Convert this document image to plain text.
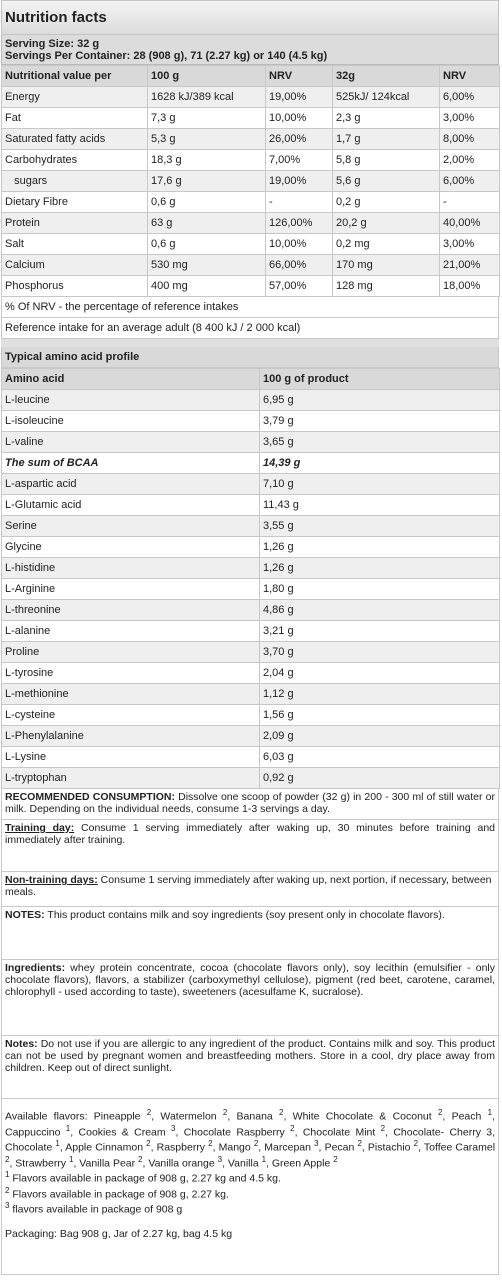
Nutrition facts
Serving Size: 32 g
Servings Per Container: 28 (908 g), 71 (2.27 kg) or 140 (4.5 kg)
Nutritional value per	100 g	NRV	32g	NRV
Energy	1628 kJ/389 kcal	19,00%	525kJ/ 124kcal	6,00%
Fat	7,3 g	10,00%	2,3 g	3,00%
Saturated fatty acids	5,3 g	26,00%	1,7 g	8,00%
Carbohydrates	18,3 g	7,00%	5,8 g	2,00%
sugars	17,6 g	19,00%	5,6 g	6,00%
Dietary Fibre	0,6 g	-	0,2 g	-
Protein	63 g	126,00%	20,2 g	40,00%
Salt	0,6 g	10,00%	0,2 mg	3,00%
Calcium	530 mg	66,00%	170 mg	21,00%
Phosphorus	400 mg	57,00%	128 mg	18,00%
% Of NRV - the percentage of reference intakes
Reference intake for an average adult (8 400 kJ / 2 000 kcal)
Typical amino acid profile
Amino acid	100 g of product
L-leucine	6,95 g
L-isoleucine	3,79 g
L-valine	3,65 g
The sum of BCAA	14,39 g
L-aspartic acid	7,10 g
L-Glutamic acid	11,43 g
Serine	3,55 g
Glycine	1,26 g
L-histidine	1,26 g
L-Arginine	1,80 g
L-threonine	4,86 g
L-alanine	3,21 g
Proline	3,70 g
L-tyrosine	2,04 g
L-methionine	1,12 g
L-cysteine	1,56 g
L-Phenylalanine	2,09 g
L-Lysine	6,03 g
L-tryptophan	0,92 g
RECOMMENDED CONSUMPTION: Dissolve one scoop of powder (32 g) in 200 - 300 ml of still water or milk. Depending on the individual needs, consume 1-3 servings a day.
Training day: Consume 1 serving immediately after waking up, 30 minutes before training and immediately after training.
Non-training days: Consume 1 serving immediately after waking up, next portion, if necessary, between meals.
NOTES: This product contains milk and soy ingredients (soy present only in chocolate flavors).
Ingredients: whey protein concentrate, cocoa (chocolate flavors only), soy lecithin (emulsifier - only chocolate flavors), flavors, a stabilizer (carboxymethyl cellulose), pigment (red beet, carotene, caramel, chlorophyll - used according to taste), sweeteners (acesulfame K, sucralose).
Notes: Do not use if you are allergic to any ingredient of the product. Contains milk and soy. This product can not be used by pregnant women and breastfeeding mothers. Store in a cool, dry place away from children. Keep out of direct sunlight.
Available flavors: Pineapple $^2$, Watermelon $^2$, Banana $^2$, White Chocolate & Coconut $^2$, Peach $^1$, Cappuccino $^1$, Cookies & Cream $^3$, Chocolate Raspberry $^2$, Chocolate Mint $^2$, Chocolate- Cherry 3, Chocolate $^1$, Apple Cinnamon $^2$, Raspberry $^2$, Mango $^2$, Marcepan $^3$, Pecan $^2$, Pistachio $^2$, Toffee Caramel $^2$, Strawberry $^1$, Vanilla Pear $^2$, Vanilla orange $^3$, Vanilla $^1$, Green Apple $^2$
$^1$ Flavors available in package of 908 g, 2.27 kg and 4.5 kg.
$^2$ Flavors available in package of 908 g, 2.27 kg.
$^3$ flavors available in package of 908 g
Packaging: Bag 908 g, Jar of 2.27 kg, bag 4.5 kg
